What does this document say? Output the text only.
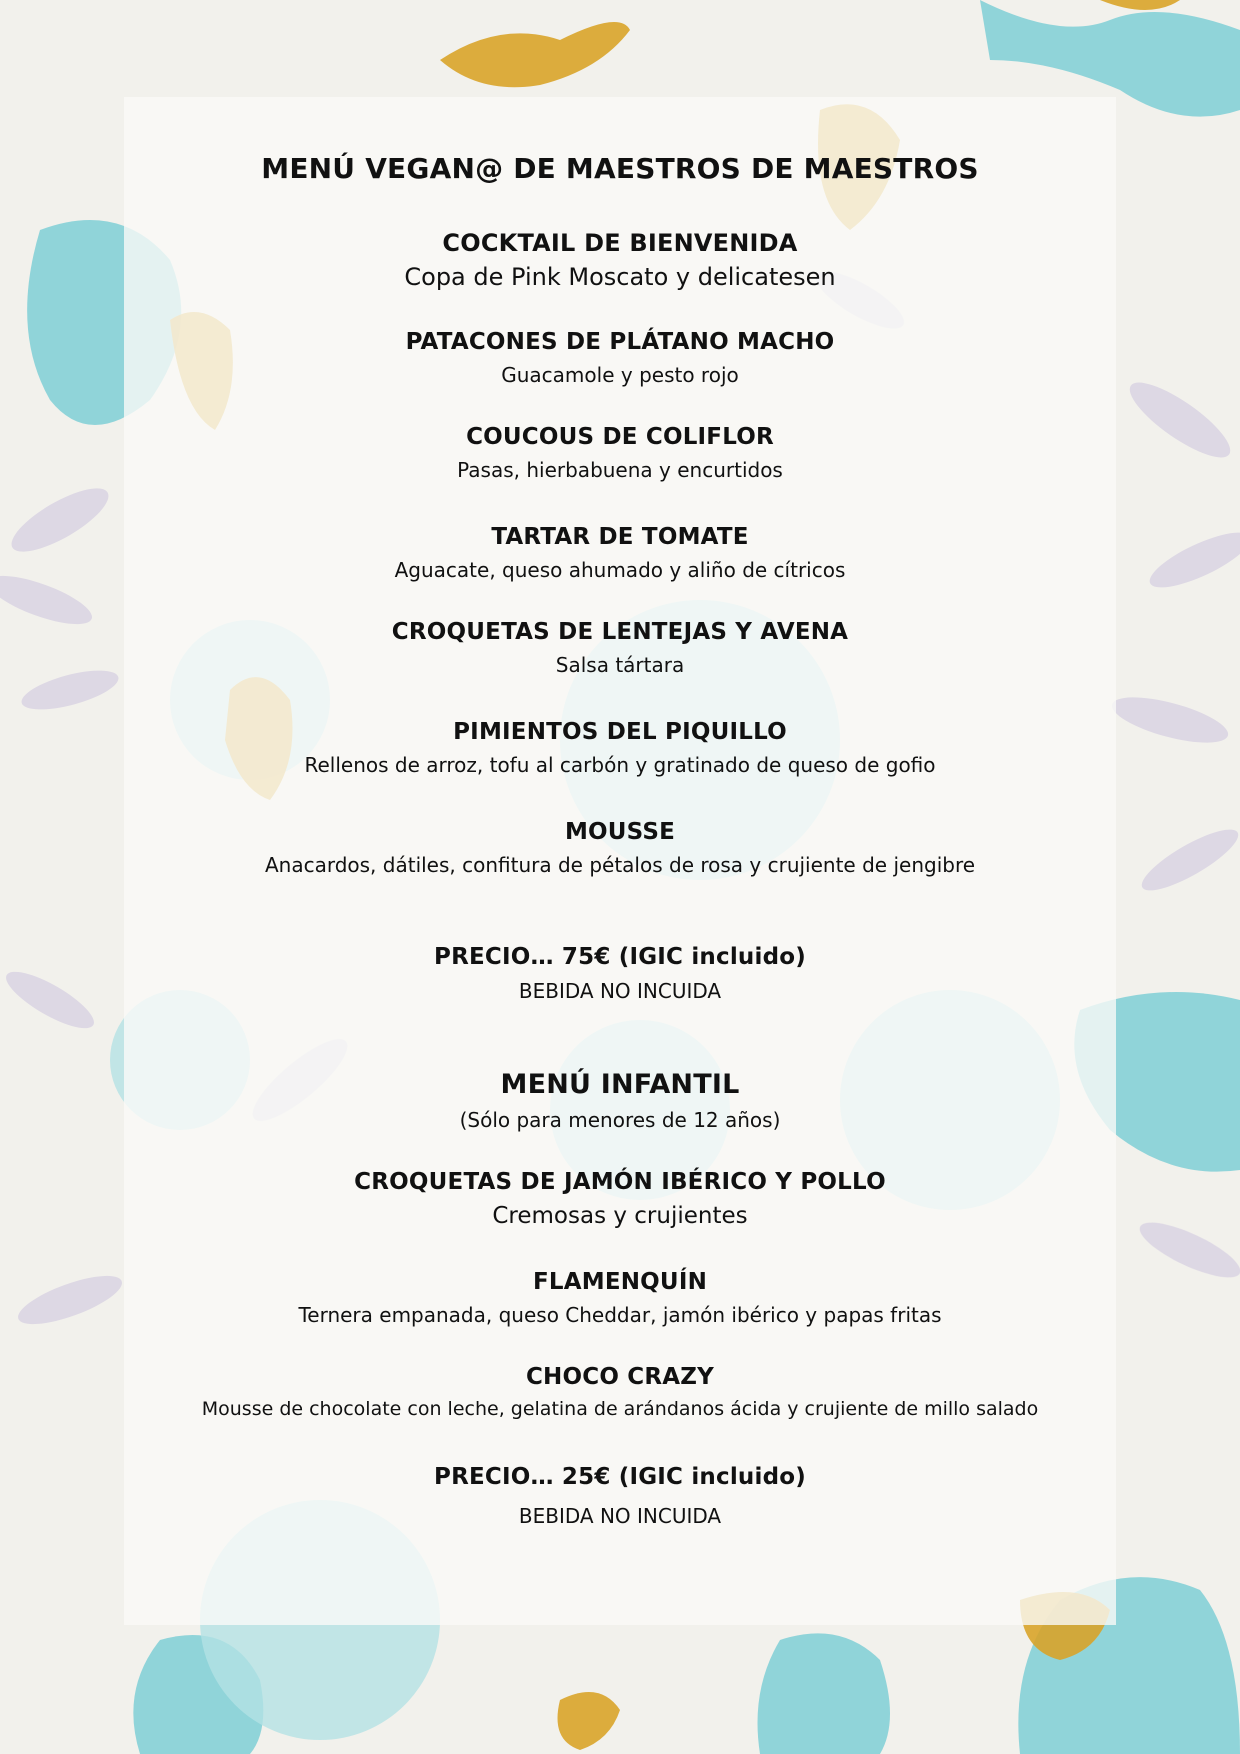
MENÚ VEGAN@ DE MAESTROS DE MAESTROS
COCKTAIL DE BIENVENIDA
Copa de Pink Moscato y delicatesen
PATACONES DE PLÁTANO MACHO
Guacamole y pesto rojo
COUCOUS DE COLIFLOR
Pasas, hierbabuena y encurtidos
TARTAR DE TOMATE
Aguacate, queso ahumado y aliño de cítricos
CROQUETAS DE LENTEJAS Y AVENA
Salsa tártara
PIMIENTOS DEL PIQUILLO
Rellenos de arroz, tofu al carbón y gratinado de queso de gofio
MOUSSE
Anacardos, dátiles, confitura de pétalos de rosa y crujiente de jengibre
PRECIO… 75€ (IGIC incluido)
BEBIDA NO INCUIDA
MENÚ INFANTIL
(Sólo para menores de 12 años)
CROQUETAS DE JAMÓN IBÉRICO Y POLLO
Cremosas y crujientes
FLAMENQUÍN
Ternera empanada, queso Cheddar, jamón ibérico y papas fritas
CHOCO CRAZY
Mousse de chocolate con leche, gelatina de arándanos ácida y crujiente de millo salado
PRECIO… 25€ (IGIC incluido)
BEBIDA NO INCUIDA
